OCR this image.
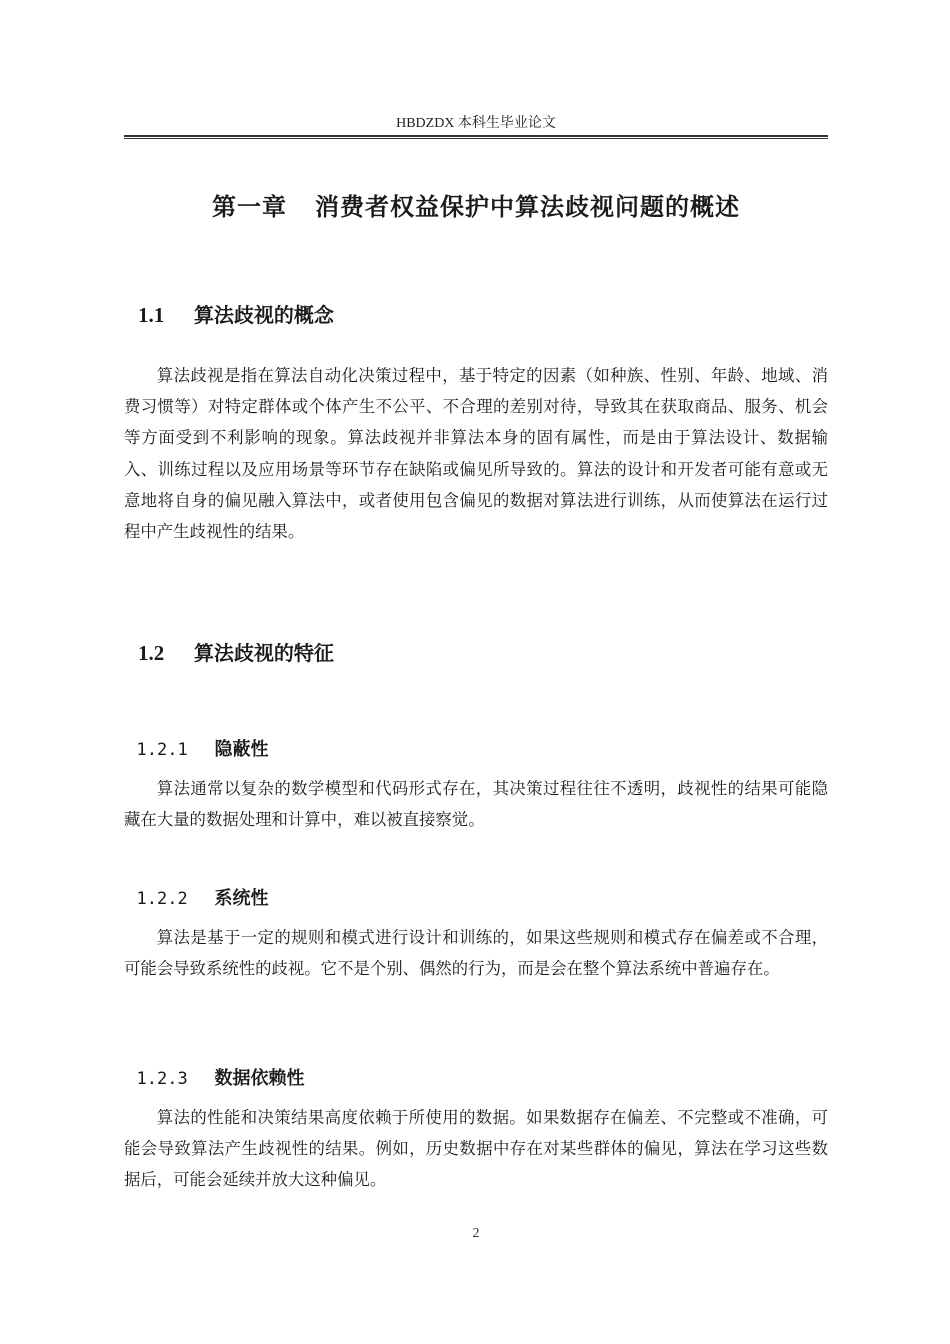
HBDZDX 本科生毕业论文
第一章   消费者权益保护中算法歧视问题的概述

1.1 算法歧视的概念

算法歧视是指在算法自动化决策过程中，基于特定的因素（如种族、性别、年龄、地域、消费习惯等）对特定群体或个体产生不公平、不合理的差别对待，导致其在获取商品、服务、机会等方面受到不利影响的现象。算法歧视并非算法本身的固有属性，而是由于算法设计、数据输入、训练过程以及应用场景等环节存在缺陷或偏见所导致的。算法的设计和开发者可能有意或无意地将自身的偏见融入算法中，或者使用包含偏见的数据对算法进行训练，从而使算法在运行过程中产生歧视性的结果。

1.2 算法歧视的特征

1.2.1 隐蔽性

算法通常以复杂的数学模型和代码形式存在，其决策过程往往不透明，歧视性的结果可能隐藏在大量的数据处理和计算中，难以被直接察觉。

1.2.2 系统性

算法是基于一定的规则和模式进行设计和训练的，如果这些规则和模式存在偏差或不合理，可能会导致系统性的歧视。它不是个别、偶然的行为，而是会在整个算法系统中普遍存在。

1.2.3 数据依赖性

算法的性能和决策结果高度依赖于所使用的数据。如果数据存在偏差、不完整或不准确，可能会导致算法产生歧视性的结果。例如，历史数据中存在对某些群体的偏见，算法在学习这些数据后，可能会延续并放大这种偏见。

2
